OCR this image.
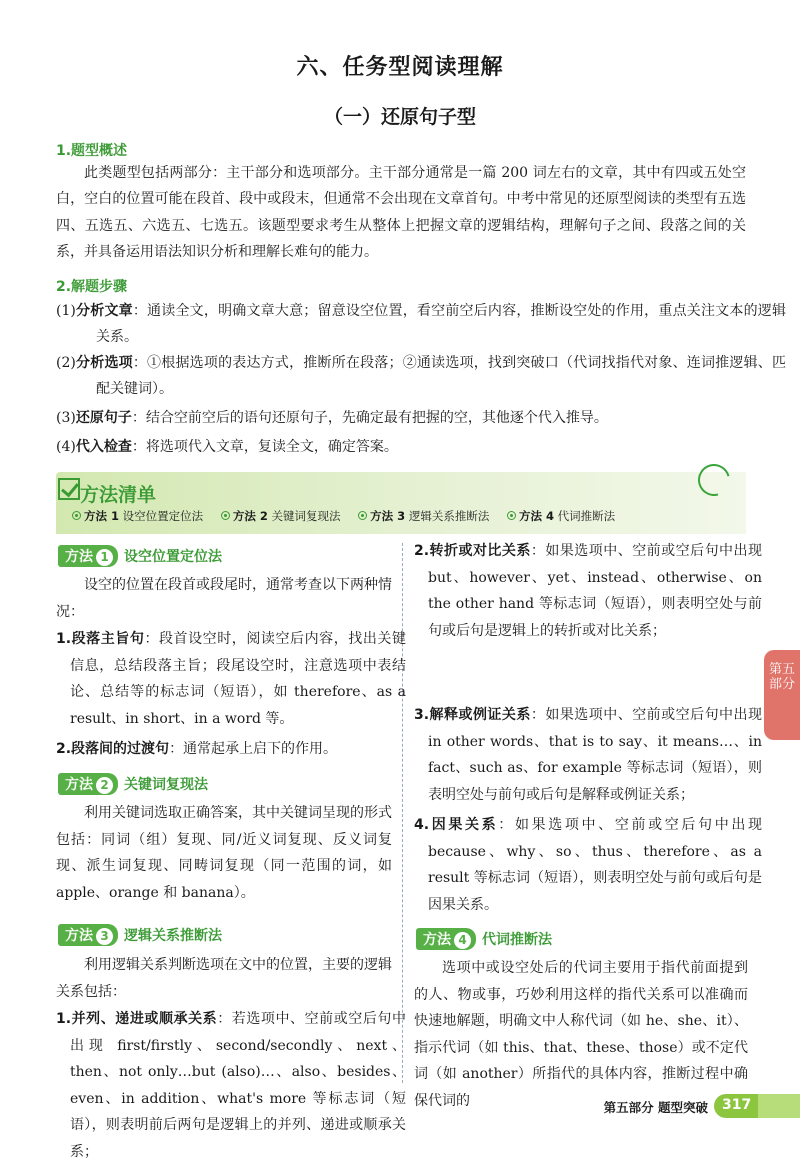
六、任务型阅读理解
（一）还原句子型
1.题型概述
此类题型包括两部分：主干部分和选项部分。主干部分通常是一篇 200 词左右的文章，其中有四或五处空白，空白的位置可能在段首、段中或段末，但通常不会出现在文章首句。中考中常见的还原型阅读的类型有五选四、五选五、六选五、七选五。该题型要求考生从整体上把握文章的逻辑结构，理解句子之间、段落之间的关系，并具备运用语法知识分析和理解长难句的能力。
2.解题步骤
(1)分析文章：通读全文，明确文章大意；留意设空位置，看空前空后内容，推断设空处的作用，重点关注文本的逻辑关系。
(2)分析选项：①根据选项的表达方式，推断所在段落；②通读选项，找到突破口（代词找指代对象、连词推逻辑、匹配关键词）。
(3)还原句子：结合空前空后的语句还原句子，先确定最有把握的空，其他逐个代入推导。
(4)代入检查：将选项代入文章，复读全文，确定答案。
方法清单
方法 1 设空位置定位法	方法 2 关键词复现法	方法 3 逻辑关系推断法	方法 4 代词推断法
方法 1 设空位置定位法
设空的位置在段首或段尾时，通常考查以下两种情况：
1.段落主旨句：段首设空时，阅读空后内容，找出关键信息，总结段落主旨；段尾设空时，注意选项中表结论、总结等的标志词（短语），如 therefore、as a result、in short、in a word 等。
2.段落间的过渡句：通常起承上启下的作用。
方法 2 关键词复现法
利用关键词选取正确答案，其中关键词呈现的形式包括：同词（组）复现、同/近义词复现、反义词复现、派生词复现、同畴词复现（同一范围的词，如 apple、orange 和 banana）。
方法 3 逻辑关系推断法
利用逻辑关系判断选项在文中的位置，主要的逻辑关系包括：
1.并列、递进或顺承关系：若选项中、空前或空后句中出现 first/firstly、second/secondly、next、then、not only…but (also)…、also、besides、even、in addition、what's more 等标志词（短语），则表明前后两句是逻辑上的并列、递进或顺承关系；
2.转折或对比关系：如果选项中、空前或空后句中出现 but、however、yet、instead、otherwise、on the other hand 等标志词（短语），则表明空处与前句或后句是逻辑上的转折或对比关系；
3.解释或例证关系：如果选项中、空前或空后句中出现 in other words、that is to say、it means…、in fact、such as、for example 等标志词（短语），则表明空处与前句或后句是解释或例证关系；
4.因果关系：如果选项中、空前或空后句中出现 because、why、so、thus、therefore、as a result 等标志词（短语），则表明空处与前句或后句是因果关系。
方法 4 代词推断法
选项中或设空处后的代词主要用于指代前面提到的人、物或事，巧妙利用这样的指代关系可以准确而快速地解题，明确文中人称代词（如 he、she、it）、指示代词（如 this、that、these、those）或不定代词（如 another）所指代的具体内容，推断过程中确保代词的
第五部分
第五部分 题型突破 317
